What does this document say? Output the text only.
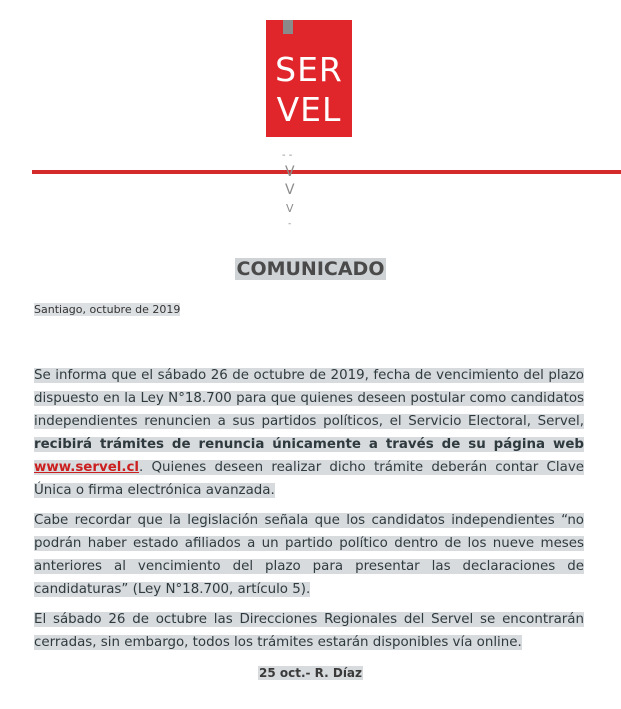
SER
VEL
- -
V
V
V
-
COMUNICADO
Santiago, octubre de 2019
Se informa que el sábado 26 de octubre de 2019, fecha de vencimiento del plazo dispuesto en la Ley N°18.700 para que quienes deseen postular como candidatos independientes renuncien a sus partidos políticos, el Servicio Electoral, Servel, recibirá trámites de renuncia únicamente a través de su página web www.servel.cl. Quienes deseen realizar dicho trámite deberán contar Clave Única o firma electrónica avanzada.
Cabe recordar que la legislación señala que los candidatos independientes “no podrán haber estado afiliados a un partido político dentro de los nueve meses anteriores al vencimiento del plazo para presentar las declaraciones de candidaturas” (Ley N°18.700, artículo 5).
El sábado 26 de octubre las Direcciones Regionales del Servel se encontrarán cerradas, sin embargo, todos los trámites estarán disponibles vía online.
25 oct.- R. Díaz
